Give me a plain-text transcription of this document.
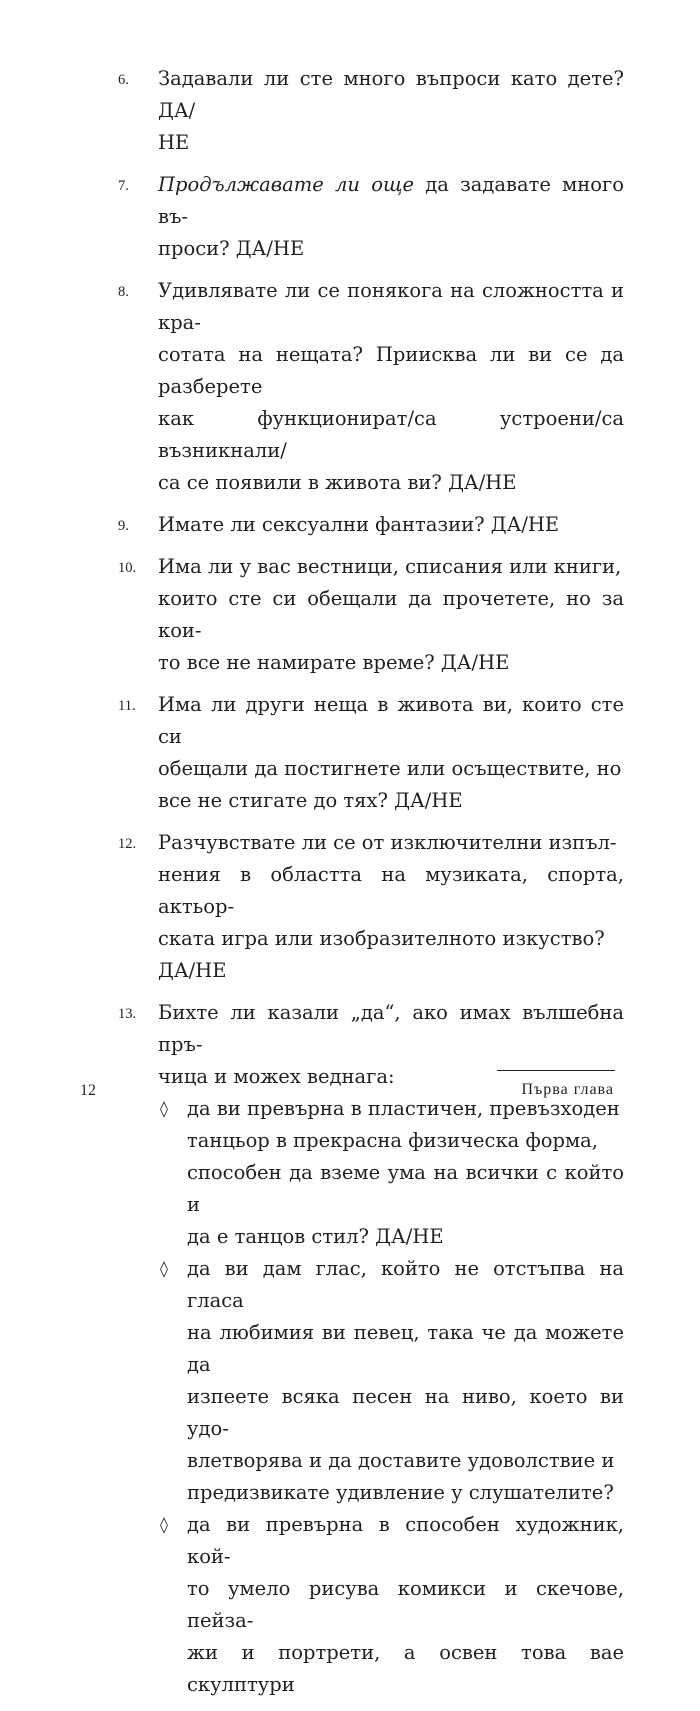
6. Задавали ли сте много въпроси като дете? ДА/
НЕ
7. Продължавате ли още да задавате много въ-
проси? ДА/НЕ
8. Удивлявате ли се понякога на сложността и кра-
сотата на нещата? Приисква ли ви се да разберете
как функционират/са устроени/са възникнали/
са се появили в живота ви? ДА/НЕ
9. Имате ли сексуални фантазии? ДА/НЕ
10. Има ли у вас вестници, списания или книги,
които сте си обещали да прочетете, но за кои-
то все не намирате време? ДА/НЕ
11. Има ли други неща в живота ви, които сте си
обещали да постигнете или осъществите, но
все не стигате до тях? ДА/НЕ
12. Разчувствате ли се от изключителни изпъл-
нения в областта на музиката, спорта, актьор-
ската игра или изобразителното изкуство?
ДА/НЕ
13. Бихте ли казали „да“, ако имах вълшебна пръ-
чица и можех веднага:
◊ да ви превърна в пластичен, превъзходен
танцьор в прекрасна физическа форма,
способен да вземе ума на всички с който и
да е танцов стил? ДА/НЕ
◊ да ви дам глас, който не отстъпва на гласа
на любимия ви певец, така че да можете да
изпеете всяка песен на ниво, което ви удо-
влетворява и да доставите удоволствие и
предизвикате удивление у слушателите?
◊ да ви превърна в способен художник, кой-
то умело рисува комикси и скечове, пейза-
жи и портрети, а освен това вае скулптури
12	Първа глава
